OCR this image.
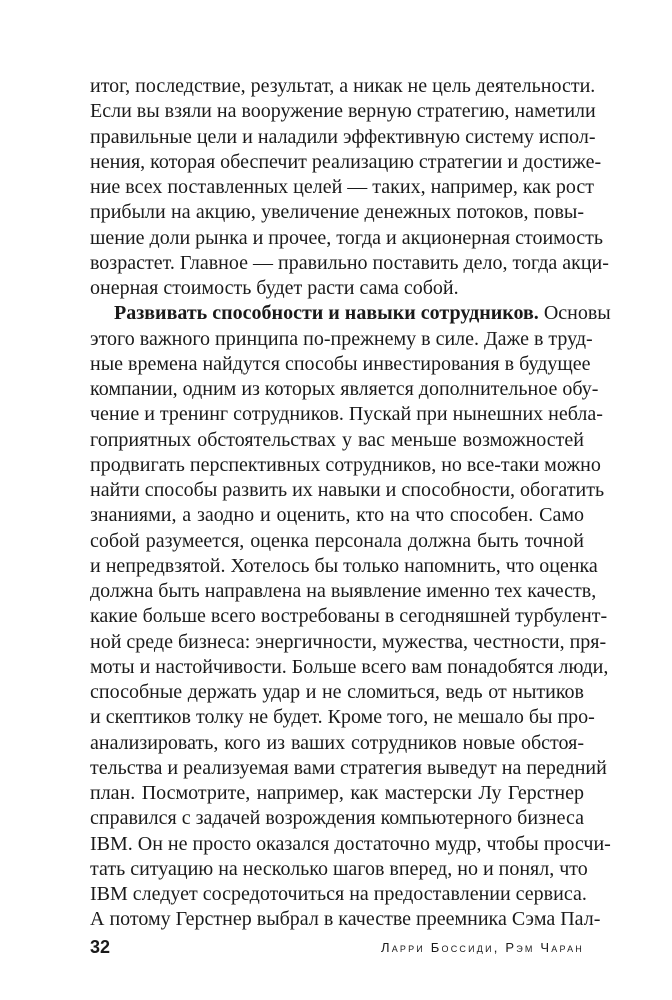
итог, последствие, результат, а никак не цель деятельности.
Если вы взяли на вооружение верную стратегию, наметили
правильные цели и наладили эффективную систему испол-
нения, которая обеспечит реализацию стратегии и достиже-
ние всех поставленных целей — таких, например, как рост
прибыли на акцию, увеличение денежных потоков, повы-
шение доли рынка и прочее, тогда и акционерная стоимость
возрастет. Главное — правильно поставить дело, тогда акци-
онерная стоимость будет расти сама собой.
Развивать способности и навыки сотрудников. Основы
этого важного принципа по-прежнему в силе. Даже в труд-
ные времена найдутся способы инвестирования в будущее
компании, одним из которых является дополнительное обу-
чение и тренинг сотрудников. Пускай при нынешних небла-
гоприятных обстоятельствах у вас меньше возможностей
продвигать перспективных сотрудников, но все-таки можно
найти способы развить их навыки и способности, обогатить
знаниями, а заодно и оценить, кто на что способен. Само
собой разумеется, оценка персонала должна быть точной
и непредвзятой. Хотелось бы только напомнить, что оценка
должна быть направлена на выявление именно тех качеств,
какие больше всего востребованы в сегодняшней турбулент-
ной среде бизнеса: энергичности, мужества, честности, пря-
моты и настойчивости. Больше всего вам понадобятся люди,
способные держать удар и не сломиться, ведь от нытиков
и скептиков толку не будет. Кроме того, не мешало бы про-
анализировать, кого из ваших сотрудников новые обстоя-
тельства и реализуемая вами стратегия выведут на передний
план. Посмотрите, например, как мастерски Лу Герстнер
справился с задачей возрождения компьютерного бизнеса
IBM. Он не просто оказался достаточно мудр, чтобы просчи-
тать ситуацию на несколько шагов вперед, но и понял, что
IBM следует сосредоточиться на предоставлении сервиса.
А потому Герстнер выбрал в качестве преемника Сэма Пал-
32	Ларри Боссиди, Рэм Чаран
